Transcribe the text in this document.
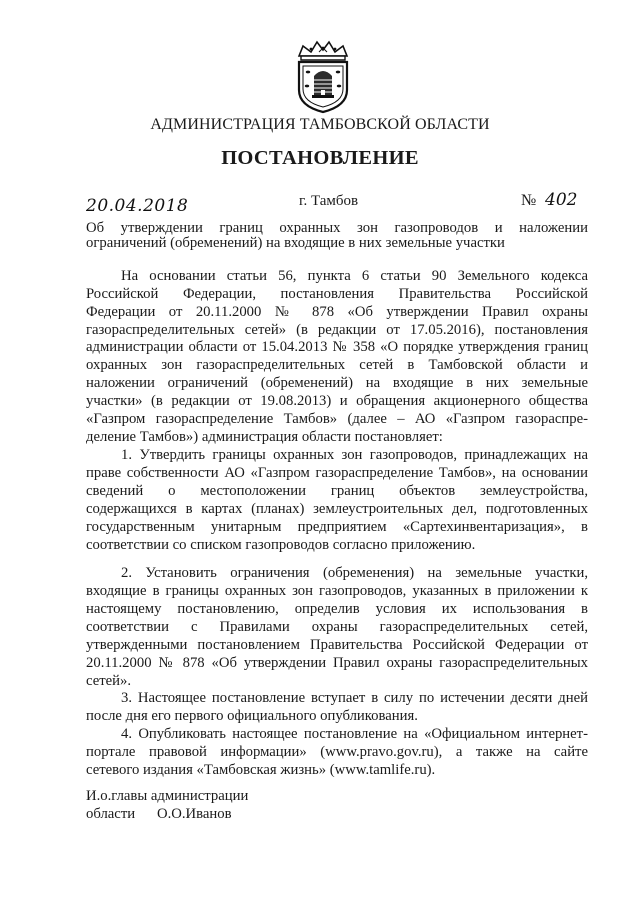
АДМИНИСТРАЦИЯ ТАМБОВСКОЙ ОБЛАСТИ
ПОСТАНОВЛЕНИЕ
20.04.2018	г. Тамбов	№ 402
Об утверждении границ охранных зон газопроводов и наложении
ограничений (обременений) на входящие в них земельные участки
На основании статьи 56, пункта 6 статьи 90 Земельного кодекса
Российской Федерации, постановления Правительства Российской
Федерации от 20.11.2000 № 878 «Об утверждении Правил охраны
газораспределительных сетей» (в редакции от 17.05.2016), постановления
администрации области от 15.04.2013 № 358 «О порядке утверждения границ
охранных зон газораспределительных сетей в Тамбовской области и
наложении ограничений (обременений) на входящие в них земельные
участки» (в редакции от 19.08.2013) и обращения акционерного общества
«Газпром газораспределение Тамбов» (далее – АО «Газпром газораспре-
деление Тамбов») администрация области постановляет:
1. Утвердить границы охранных зон газопроводов, принадлежащих на
праве собственности АО «Газпром газораспределение Тамбов», на основании
сведений о местоположении границ объектов землеустройства,
содержащихся в картах (планах) землеустроительных дел, подготовленных
государственным унитарным предприятием «Сартехинвентаризация», в
соответствии со списком газопроводов согласно приложению.
2. Установить ограничения (обременения) на земельные участки,
входящие в границы охранных зон газопроводов, указанных в приложении к
настоящему постановлению, определив условия их использования в
соответствии с Правилами охраны газораспределительных сетей,
утвержденными постановлением Правительства Российской Федерации от
20.11.2000 № 878 «Об утверждении Правил охраны газораспределительных
сетей».
3. Настоящее постановление вступает в силу по истечении десяти дней
после дня его первого официального опубликования.
4. Опубликовать настоящее постановление на «Официальном интернет-
портале правовой информации» (www.pravo.gov.ru), а также на сайте
сетевого издания «Тамбовская жизнь» (www.tamlife.ru).
И.о.главы администрации
области О.О.Иванов
